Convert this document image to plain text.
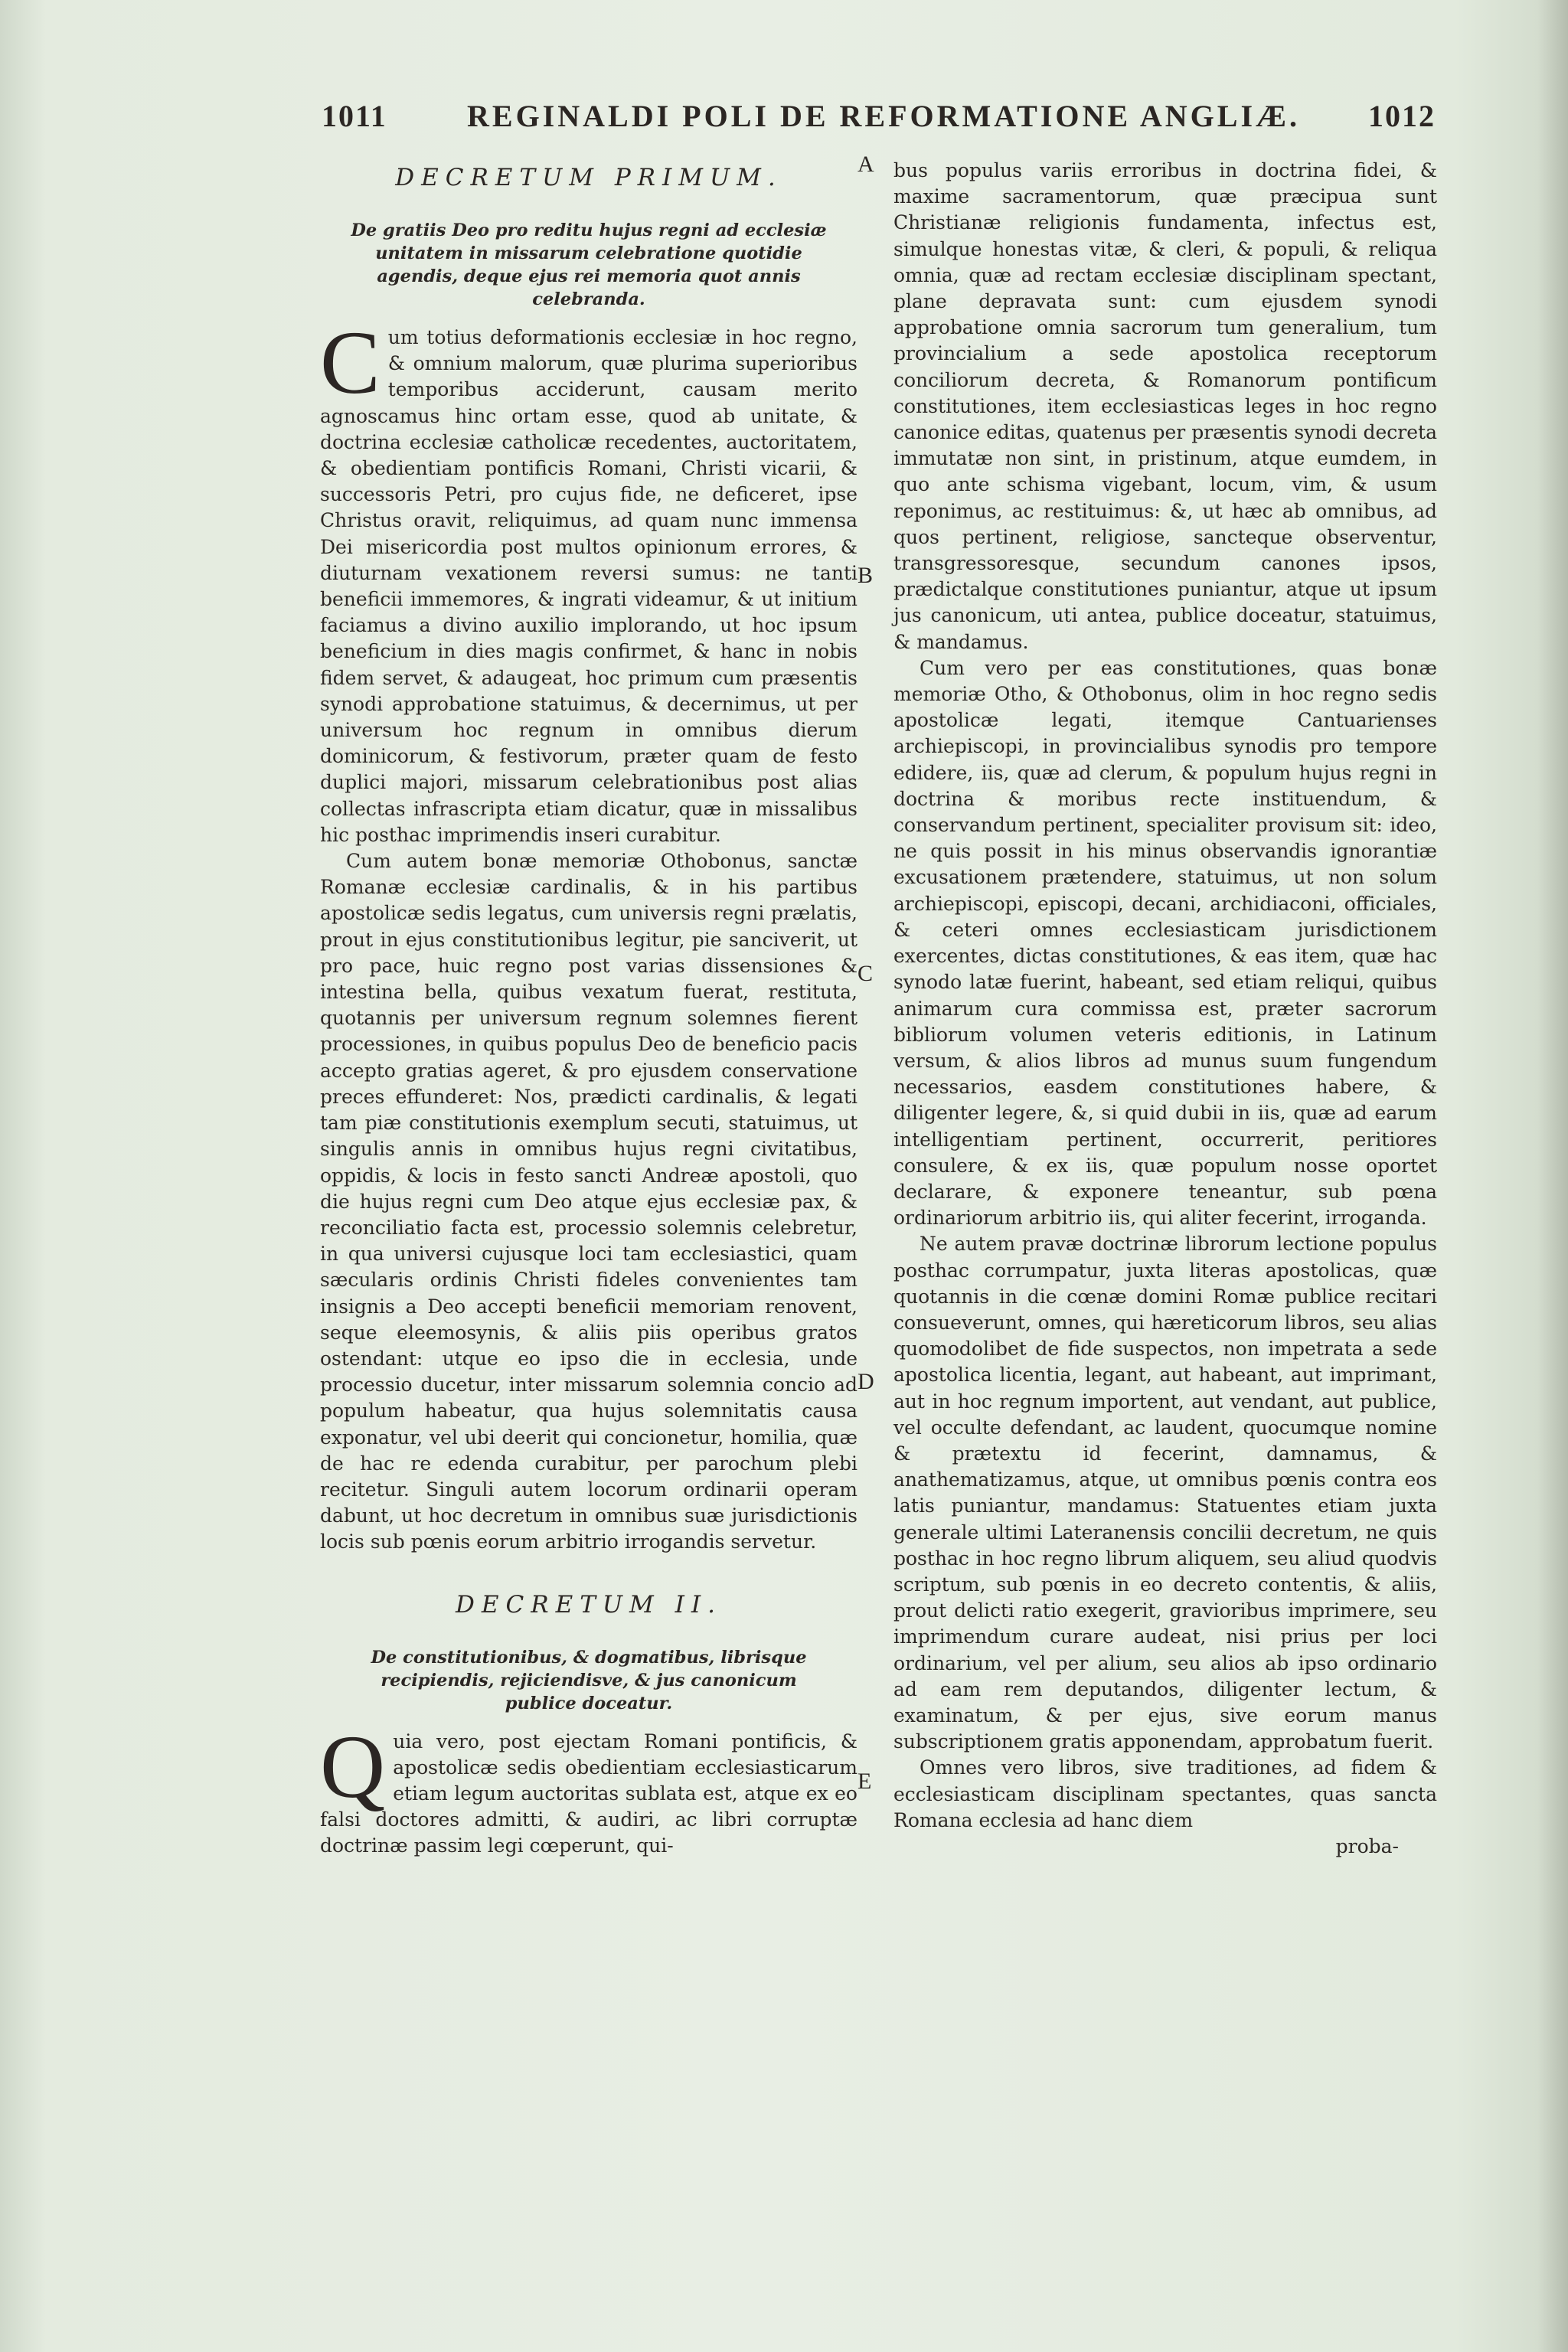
1011	REGINALDI POLI DE REFORMATIONE ANGLIÆ. 1012
A
B
C
D
E
DECRETUM PRIMUM.
De gratiis Deo pro reditu hujus regni ad ecclesiæ unitatem in missarum celebratione quotidie agendis, deque ejus rei memoria quot annis celebranda.

Cum totius deformationis ecclesiæ in hoc regno, & omnium malorum, quæ plurima superioribus temporibus acciderunt, causam merito agnoscamus hinc ortam esse, quod ab unitate, & doctrina ecclesiæ catholicæ recedentes, auctoritatem, & obedientiam pontificis Romani, Christi vicarii, & successoris Petri, pro cujus fide, ne deficeret, ipse Christus oravit, reliquimus, ad quam nunc immensa Dei misericordia post multos opinionum errores, & diuturnam vexationem reversi sumus: ne tanti beneficii immemores, & ingrati videamur, & ut initium faciamus a divino auxilio implorando, ut hoc ipsum beneficium in dies magis confirmet, & hanc in nobis fidem servet, & adaugeat, hoc primum cum præsentis synodi approbatione statuimus, & decernimus, ut per universum hoc regnum in omnibus dierum dominicorum, & festivorum, præter quam de festo duplici majori, missarum celebrationibus post alias collectas infrascripta etiam dicatur, quæ in missalibus hic posthac imprimendis inseri curabitur.

Cum autem bonæ memoriæ Othobonus, sanctæ Romanæ ecclesiæ cardinalis, & in his partibus apostolicæ sedis legatus, cum universis regni prælatis, prout in ejus constitutionibus legitur, pie sanciverit, ut pro pace, huic regno post varias dissensiones & intestina bella, quibus vexatum fuerat, restituta, quotannis per universum regnum solemnes fierent processiones, in quibus populus Deo de beneficio pacis accepto gratias ageret, & pro ejusdem conservatione preces effunderet: Nos, prædicti cardinalis, & legati tam piæ constitutionis exemplum secuti, statuimus, ut singulis annis in omnibus hujus regni civitatibus, oppidis, & locis in festo sancti Andreæ apostoli, quo die hujus regni cum Deo atque ejus ecclesiæ pax, & reconciliatio facta est, processio solemnis celebretur, in qua universi cujusque loci tam ecclesiastici, quam sæcularis ordinis Christi fideles convenientes tam insignis a Deo accepti beneficii memoriam renovent, seque eleemosynis, & aliis piis operibus gratos ostendant: utque eo ipso die in ecclesia, unde processio ducetur, inter missarum solemnia concio ad populum habeatur, qua hujus solemnitatis causa exponatur, vel ubi deerit qui concionetur, homilia, quæ de hac re edenda curabitur, per parochum plebi recitetur. Singuli autem locorum ordinarii operam dabunt, ut hoc decretum in omnibus suæ jurisdictionis locis sub pœnis eorum arbitrio irrogandis servetur.

DECRETUM II.
De constitutionibus, & dogmatibus, librisque recipiendis, rejiciendisve, & jus canonicum publice doceatur.

Quia vero, post ejectam Romani pontificis, & apostolicæ sedis obedientiam ecclesiasticarum etiam legum auctoritas sublata est, atque ex eo falsi doctores admitti, & audiri, ac libri corruptæ doctrinæ passim legi cœperunt, qui-

bus populus variis erroribus in doctrina fidei, & maxime sacramentorum, quæ præcipua sunt Christianæ religionis fundamenta, infectus est, simulque honestas vitæ, & cleri, & populi, & reliqua omnia, quæ ad rectam ecclesiæ disciplinam spectant, plane depravata sunt: cum ejusdem synodi approbatione omnia sacrorum tum generalium, tum provincialium a sede apostolica receptorum conciliorum decreta, & Romanorum pontificum constitutiones, item ecclesiasticas leges in hoc regno canonice editas, quatenus per præsentis synodi decreta immutatæ non sint, in pristinum, atque eumdem, in quo ante schisma vigebant, locum, vim, & usum reponimus, ac restituimus: &, ut hæc ab omnibus, ad quos pertinent, religiose, sancteque observentur, transgressoresque, secundum canones ipsos, prædictalque constitutiones puniantur, atque ut ipsum jus canonicum, uti antea, publice doceatur, statuimus, & mandamus.

Cum vero per eas constitutiones, quas bonæ memoriæ Otho, & Othobonus, olim in hoc regno sedis apostolicæ legati, itemque Cantuarienses archiepiscopi, in provincialibus synodis pro tempore edidere, iis, quæ ad clerum, & populum hujus regni in doctrina & moribus recte instituendum, & conservandum pertinent, specialiter provisum sit: ideo, ne quis possit in his minus observandis ignorantiæ excusationem prætendere, statuimus, ut non solum archiepiscopi, episcopi, decani, archidiaconi, officiales, & ceteri omnes ecclesiasticam jurisdictionem exercentes, dictas constitutiones, & eas item, quæ hac synodo latæ fuerint, habeant, sed etiam reliqui, quibus animarum cura commissa est, præter sacrorum bibliorum volumen veteris editionis, in Latinum versum, & alios libros ad munus suum fungendum necessarios, easdem constitutiones habere, & diligenter legere, &, si quid dubii in iis, quæ ad earum intelligentiam pertinent, occurrerit, peritiores consulere, & ex iis, quæ populum nosse oportet declarare, & exponere teneantur, sub pœna ordinariorum arbitrio iis, qui aliter fecerint, irroganda.

Ne autem pravæ doctrinæ librorum lectione populus posthac corrumpatur, juxta literas apostolicas, quæ quotannis in die cœnæ domini Romæ publice recitari consueverunt, omnes, qui hæreticorum libros, seu alias quomodolibet de fide suspectos, non impetrata a sede apostolica licentia, legant, aut habeant, aut imprimant, aut in hoc regnum importent, aut vendant, aut publice, vel occulte defendant, ac laudent, quocumque nomine & prætextu id fecerint, damnamus, & anathematizamus, atque, ut omnibus pœnis contra eos latis puniantur, mandamus: Statuentes etiam juxta generale ultimi Lateranensis concilii decretum, ne quis posthac in hoc regno librum aliquem, seu aliud quodvis scriptum, sub pœnis in eo decreto contentis, & aliis, prout delicti ratio exegerit, gravioribus imprimere, seu imprimendum curare audeat, nisi prius per loci ordinarium, vel per alium, seu alios ab ipso ordinario ad eam rem deputandos, diligenter lectum, & examinatum, & per ejus, sive eorum manus subscriptionem gratis apponendam, approbatum fuerit.

Omnes vero libros, sive traditiones, ad fidem & ecclesiasticam disciplinam spectantes, quas sancta Romana ecclesia ad hanc diem

proba-
